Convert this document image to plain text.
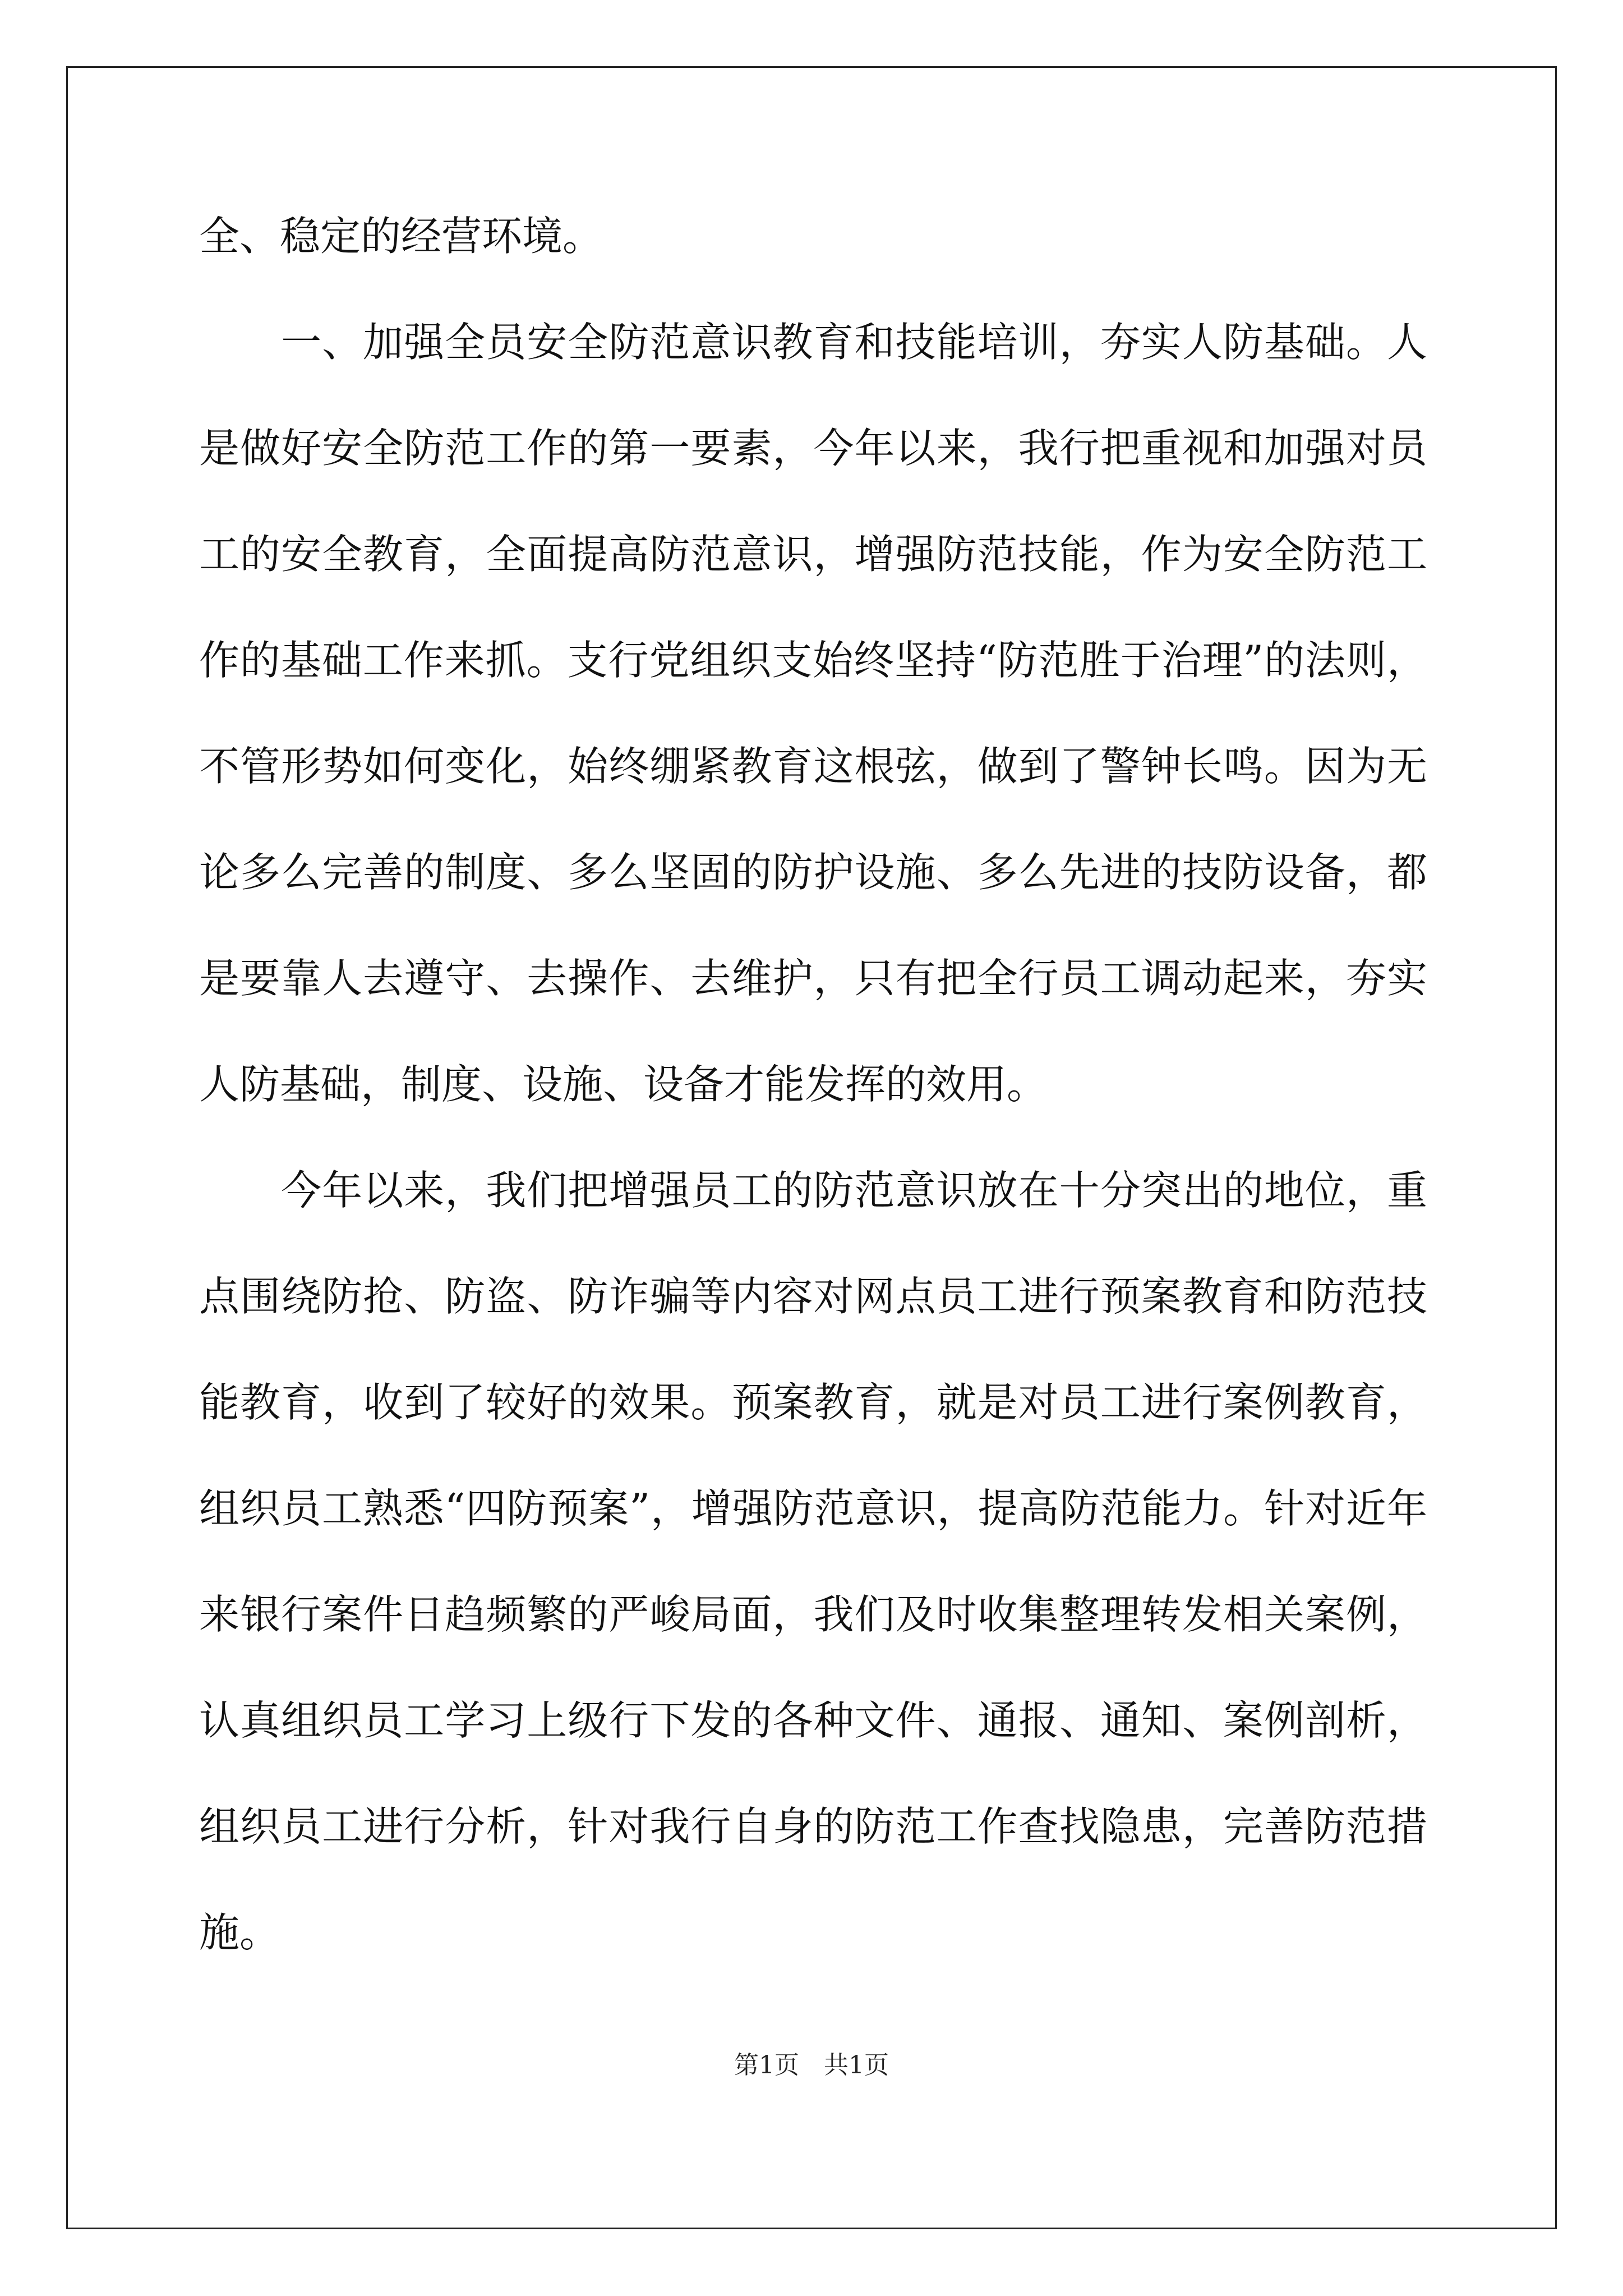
全、稳定的经营环境。
　　一、加强全员安全防范意识教育和技能培训，夯实人防基础。人
是做好安全防范工作的第一要素，今年以来，我行把重视和加强对员
工的安全教育，全面提高防范意识，增强防范技能，作为安全防范工
作的基础工作来抓。支行党组织支始终坚持“防范胜于治理”的法则，
不管形势如何变化，始终绷紧教育这根弦，做到了警钟长鸣。因为无
论多么完善的制度、多么坚固的防护设施、多么先进的技防设备，都
是要靠人去遵守、去操作、去维护，只有把全行员工调动起来，夯实
人防基础，制度、设施、设备才能发挥的效用。
　　今年以来，我们把增强员工的防范意识放在十分突出的地位，重
点围绕防抢、防盗、防诈骗等内容对网点员工进行预案教育和防范技
能教育，收到了较好的效果。预案教育，就是对员工进行案例教育，
组织员工熟悉“四防预案”，增强防范意识，提高防范能力。针对近年
来银行案件日趋频繁的严峻局面，我们及时收集整理转发相关案例，
认真组织员工学习上级行下发的各种文件、通报、通知、案例剖析，
组织员工进行分析，针对我行自身的防范工作查找隐患，完善防范措
施。
第1页　共1页
